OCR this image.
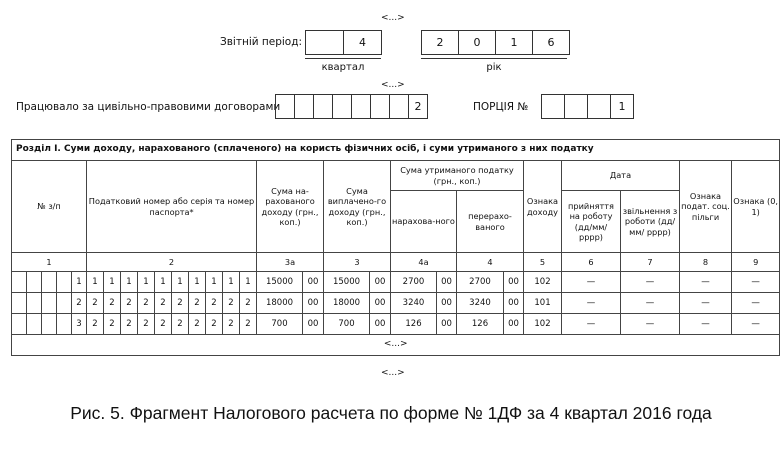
<...>
Звітній період:	4
квартал
2	0	1	6
рік
<...>
Працювало за цивільно-правовими договорами	2	ПОРЦІЯ №	1
Розділ І. Суми доходу, нарахованого (сплаченого) на користь фізичних осіб, і суми утриманого з них податку																											
№ з/п					Податковий номер або серія та номер паспорта*										Сума на-рахованого доходу (грн., коп.)		Сума виплачено-го доходу (грн., коп.)		Сума утриманого податку (грн., коп.)				Ознака доходу	Дата		Ознака подат. соц. пільги	Ознака (0, 1)
																			нарахова-ного		перерахо-ваного			прийняття на роботу (дд/мм/ рррр)	звільнення з роботи (дд/мм/ рррр)		
1					2										3а		3		4а		4		5	6	7	8	9
				1	1	1	1	1	1	1	1	1	1	1	15000	00	15000	00	2700	00	2700	00	102	—	—	—	—
				2	2	2	2	2	2	2	2	2	2	2	18000	00	18000	00	3240	00	3240	00	101	—	—	—	—
				3	2	2	2	2	2	2	2	2	2	2	700	00	700	00	126	00	126	00	102	—	—	—	—
<...>																											
<...>
Рис. 5. Фрагмент Налогового расчета по форме № 1ДФ за 4 квартал 2016 года
